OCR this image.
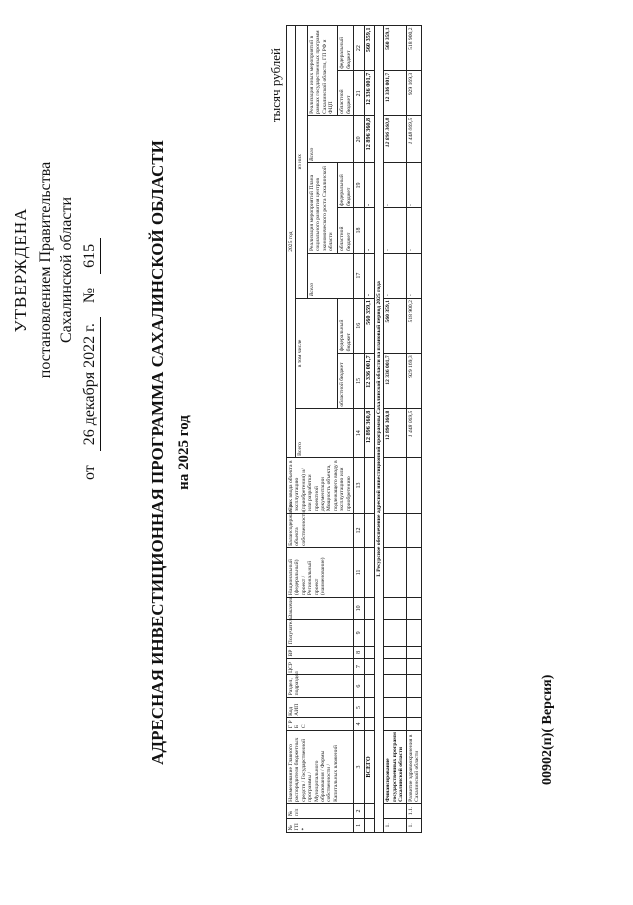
УТВЕРЖДЕНА постановлением Правительства Сахалинской области
от
26 декабря 2022 г.
№
615	АДРЕСНАЯ ИНВЕСТИЦИОННАЯ ПРОГРАММА САХАЛИНСКОЙ ОБЛАСТИ на 2025 год
тысяч рублей
№ ГП *	№ п/п	Наименование Главного распорядителя бюджетных средств / Государственной программы / Муниципального образования / Формы собственности / Капитальных вложений	Г Р Б С	Код АИП	Раздел, подраздел	ЦСР	ВР	Получатель	Заказчик	Национальный (федеральный) проект / Региональный проект (наименование)	Балансодержатель объекта собственности	Срок ввода объекта в эксплуатацию (приобретения) и/или разработки проектной документации Мощность объекта, подлежащего вводу в эксплуатацию или приобретению	2025 год								
													Всего	в том числе		из них					
																Всего	Реализация мероприятий Плана социального развития центров экономического роста Сахалинской области		Всего	Реализация иных мероприятий в рамках государственных программ Сахалинской области, ГП РФ и ФЦП	
														областной бюджет	федеральный бюджет		областной бюджет	федеральный бюджет		областной бюджет	федеральный бюджет
1	2	3	4	5	6	7	8	9	10	11	12	13	14	15	16	17	18	19	20	21	22
		ВСЕГО											12 896 360,8	12 336 001,7	560 359,1	-	-	-	12 896 360,8	12 336 001,7	560 359,1
I. Ресурсное обеспечение адресной инвестиционной программы Сахалинской области на плановый период 2025 года																					
1.		Финансирование государственных программ Сахалинской области											12 896 360,8	12 336 001,7	560 359,1	-	-	-	12 896 360,8	12 336 001,7	560 359,1
1.	1.1.	Развитие здравоохранения в Сахалинской области											1 448 069,5	929 169,3	518 900,2	-	-	-	1 448 069,5	929 169,3	518 900,2
00902(п)( Версия)
